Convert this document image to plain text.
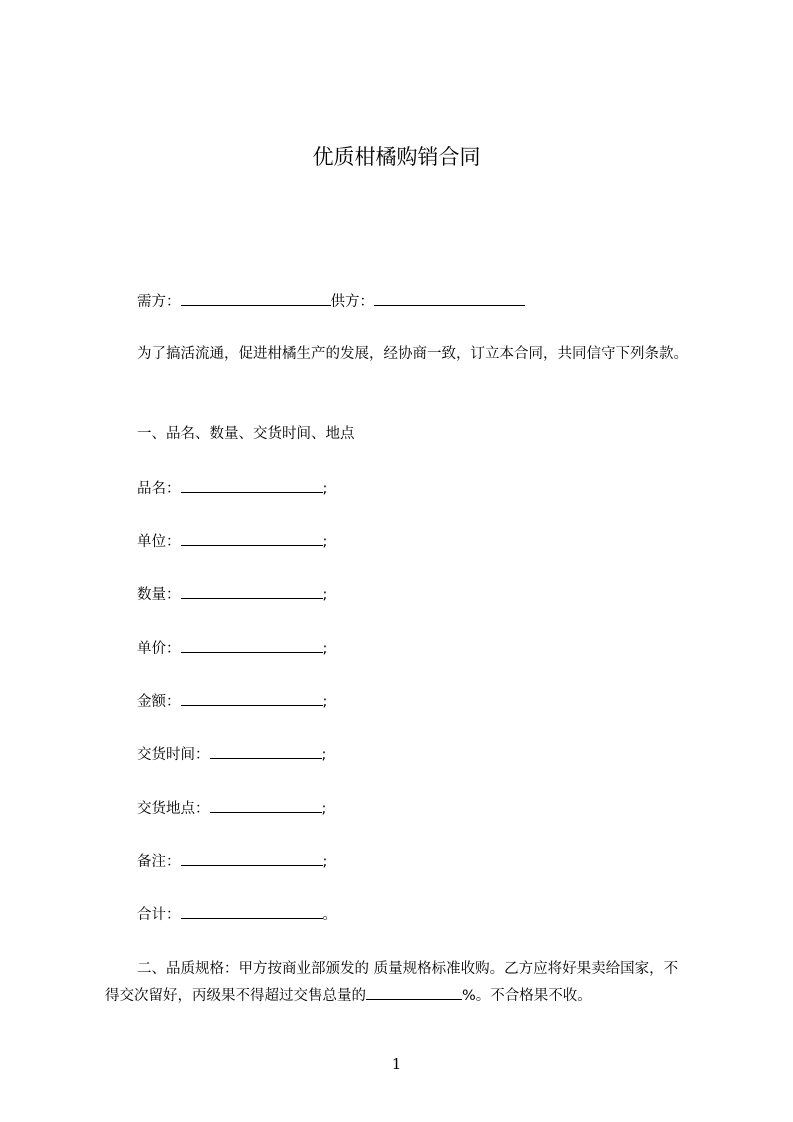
优质柑橘购销合同
需方：	供方：
为了搞活流通，促进柑橘生产的发展，经协商一致，订立本合同，共同信守下列条款。
一、品名、数量、交货时间、地点
品名：	;
单位：	;
数量：	;
单价：	;
金额：	;
交货时间：	;
交货地点：	;
备注：	;
合计：	。
二、品质规格：甲方按商业部颁发的 质量规格标准收购。乙方应将好果卖给国家，不得交次留好，丙级果不得超过交售总量的	%。不合格果不收。
1
